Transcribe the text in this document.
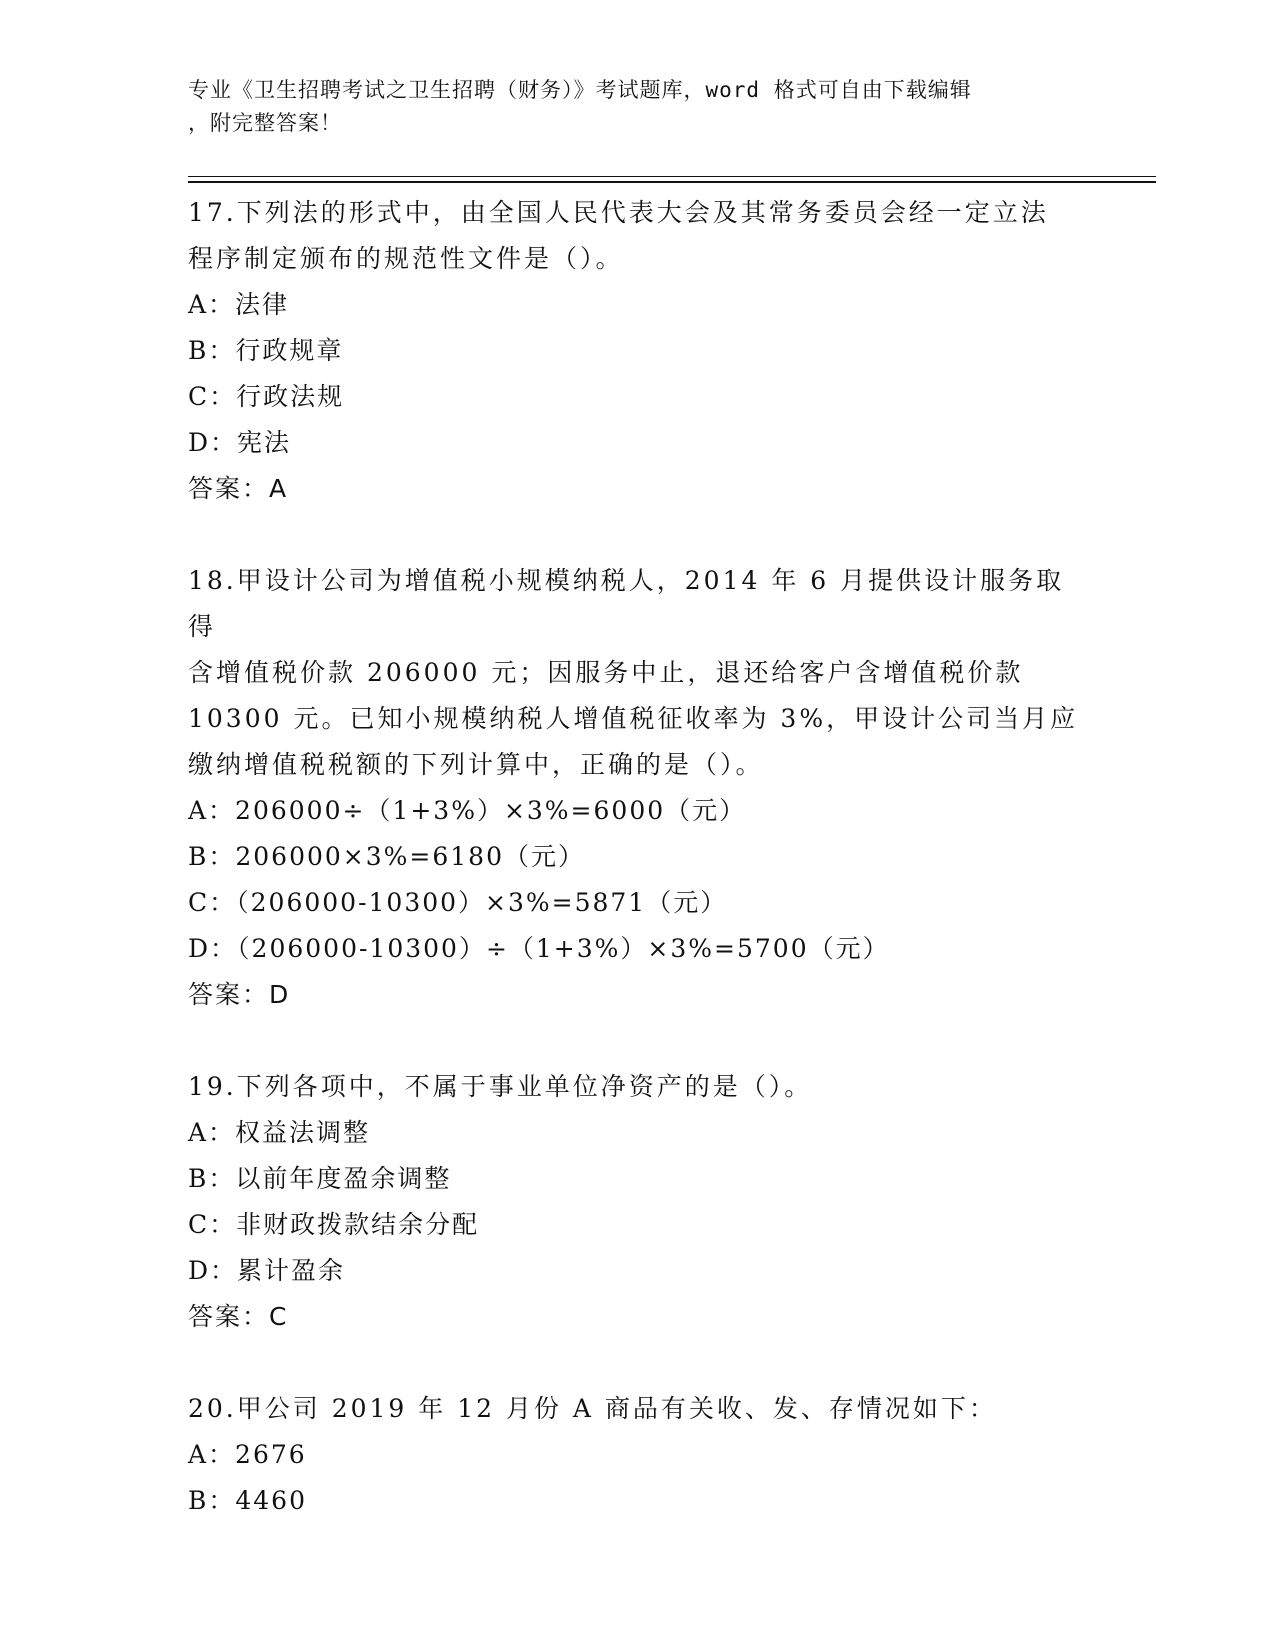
专业《卫生招聘考试之卫生招聘（财务）》考试题库，word 格式可自由下载编辑
，附完整答案！

17.下列法的形式中，由全国人民代表大会及其常务委员会经一定立法
程序制定颁布的规范性文件是（）。

A：法律

B：行政规章

C：行政法规

D：宪法

答案：A

18.甲设计公司为增值税小规模纳税人，2014 年 6 月提供设计服务取得
含增值税价款 206000 元；因服务中止，退还给客户含增值税价款
10300 元。已知小规模纳税人增值税征收率为 3%，甲设计公司当月应
缴纳增值税税额的下列计算中，正确的是（）。

A：206000÷（1+3%）×3%=6000（元）

B：206000×3%=6180（元）

C：（206000-10300）×3%=5871（元）

D：（206000-10300）÷（1+3%）×3%=5700（元）

答案：D

19.下列各项中，不属于事业单位净资产的是（）。

A：权益法调整

B：以前年度盈余调整

C：非财政拨款结余分配

D：累计盈余

答案：C

20.甲公司 2019 年 12 月份 A 商品有关收、发、存情况如下：

A：2676

B：4460
